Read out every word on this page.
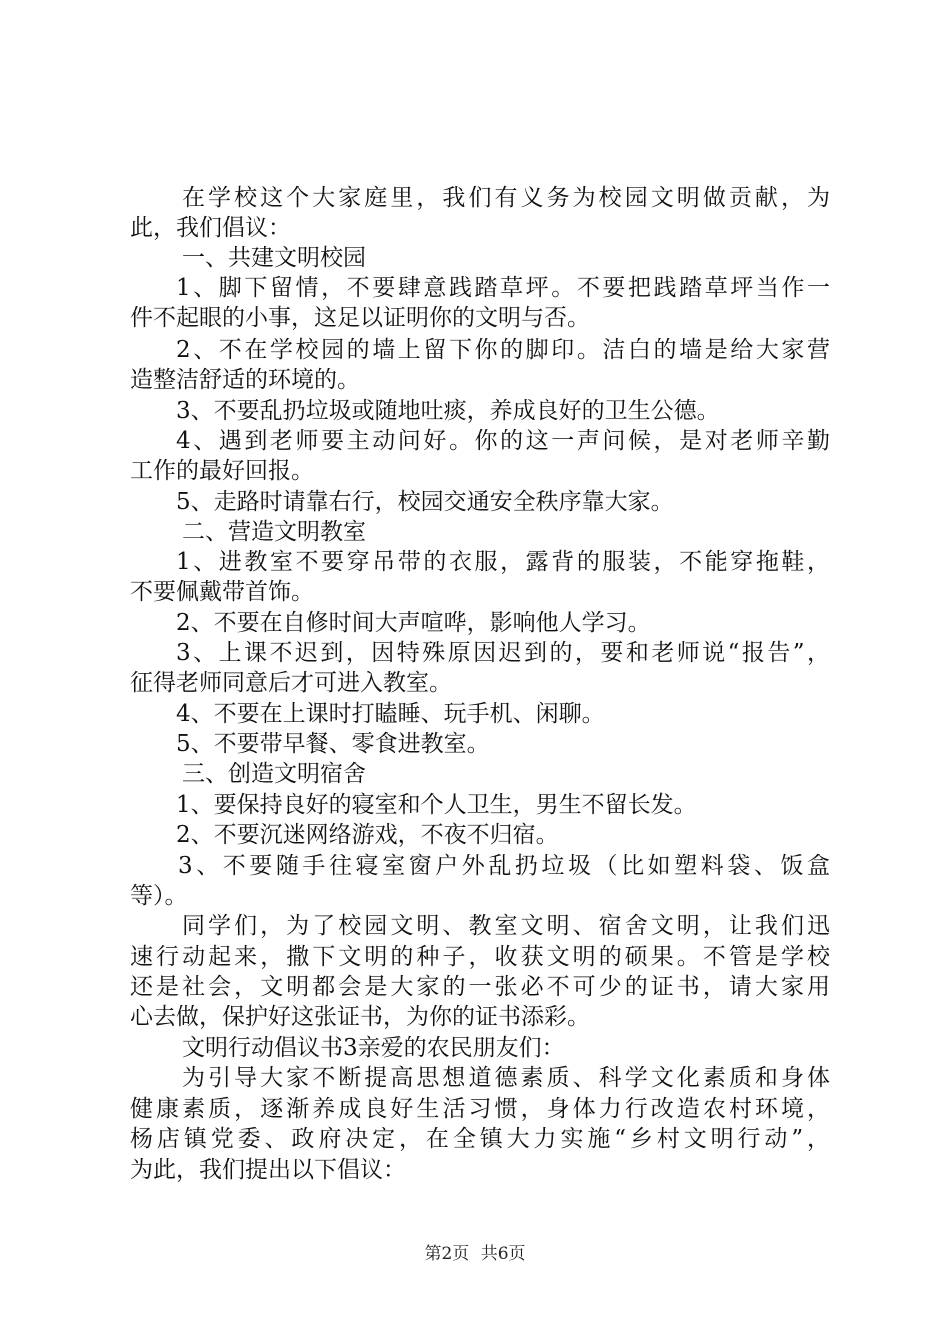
在学校这个大家庭里，我们有义务为校园文明做贡献，为
此，我们倡议：
一、共建文明校园
1、脚下留情，不要肆意践踏草坪。不要把践踏草坪当作一
件不起眼的小事，这足以证明你的文明与否。
2、不在学校园的墙上留下你的脚印。洁白的墙是给大家营
造整洁舒适的环境的。
3、不要乱扔垃圾或随地吐痰，养成良好的卫生公德。
4、遇到老师要主动问好。你的这一声问候，是对老师辛勤
工作的最好回报。
5、走路时请靠右行，校园交通安全秩序靠大家。
二、营造文明教室
1、进教室不要穿吊带的衣服，露背的服装，不能穿拖鞋，
不要佩戴带首饰。
2、不要在自修时间大声喧哗，影响他人学习。
3、上课不迟到，因特殊原因迟到的，要和老师说“报告”，
征得老师同意后才可进入教室。
4、不要在上课时打瞌睡、玩手机、闲聊。
5、不要带早餐、零食进教室。
三、创造文明宿舍
1、要保持良好的寝室和个人卫生，男生不留长发。
2、不要沉迷网络游戏，不夜不归宿。
3、不要随手往寝室窗户外乱扔垃圾（比如塑料袋、饭盒
等）。
同学们，为了校园文明、教室文明、宿舍文明，让我们迅
速行动起来，撒下文明的种子，收获文明的硕果。不管是学校
还是社会，文明都会是大家的一张必不可少的证书，请大家用
心去做，保护好这张证书，为你的证书添彩。
文明行动倡议书3亲爱的农民朋友们：
为引导大家不断提高思想道德素质、科学文化素质和身体
健康素质，逐渐养成良好生活习惯，身体力行改造农村环境，
杨店镇党委、政府决定，在全镇大力实施“乡村文明行动”，
为此，我们提出以下倡议：
第2页 共6页
